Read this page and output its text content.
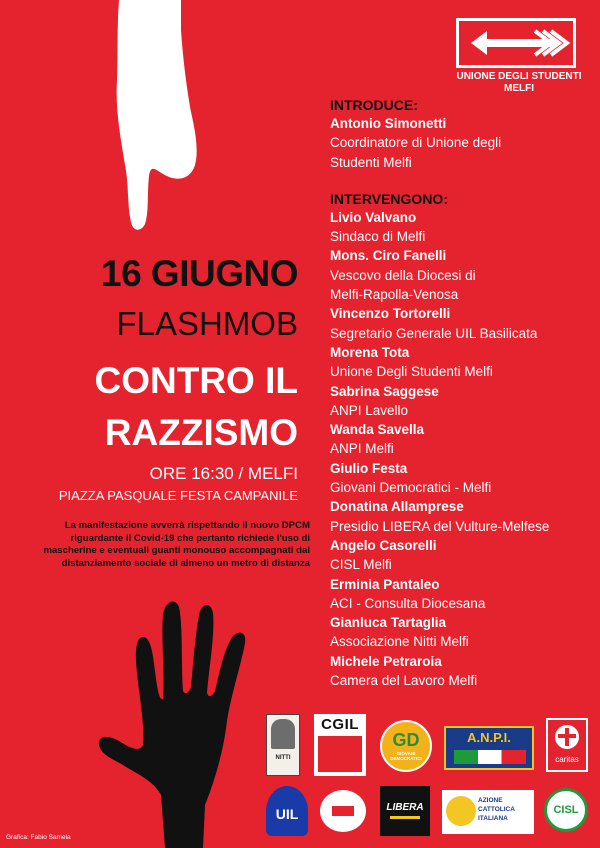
UNIONE DEGLI STUDENTI
MELFI
16 GIUGNO
FLASHMOB
CONTRO IL
RAZZISMO
ORE 16:30 / MELFI
PIAZZA PASQUALE FESTA CAMPANILE
La manifestazione avverrà rispettando il nuovo DPCM riguardante il Covid-19 che pertanto richiede l'uso di mascherine e eventuali guanti monouso accompagnati dal distanziamento sociale di almeno un metro di distanza
INTRODUCE:
Antonio Simonetti
Coordinatore di Unione degli
Studenti Melfi
INTERVENGONO:
Livio Valvano
Sindaco di Melfi
Mons. Ciro Fanelli
Vescovo della Diocesi di
Melfi-Rapolla-Venosa
Vincenzo Tortorelli
Segretario Generale UIL Basilicata
Morena Tota
Unione Degli Studenti Melfi
Sabrina Saggese
ANPI Lavello
Wanda Savella
ANPI Melfi
Giulio Festa
Giovani Democratici - Melfi
Donatina Allamprese
Presidio LIBERA del Vulture-Melfese
Angelo Casorelli
CISL Melfi
Erminia Pantaleo
ACI - Consulta Diocesana
Gianluca Tartaglia
Associazione Nitti Melfi
Michele Petraroia
Camera del Lavoro Melfi
NITTI
CGIL
GD
GIOVANI DEMOCRATICI
A.N.P.I.
caritas
UIL	LIBERA
AZIONE CATTOLICA ITALIANA
CISL
Grafica: Fabio Samela
